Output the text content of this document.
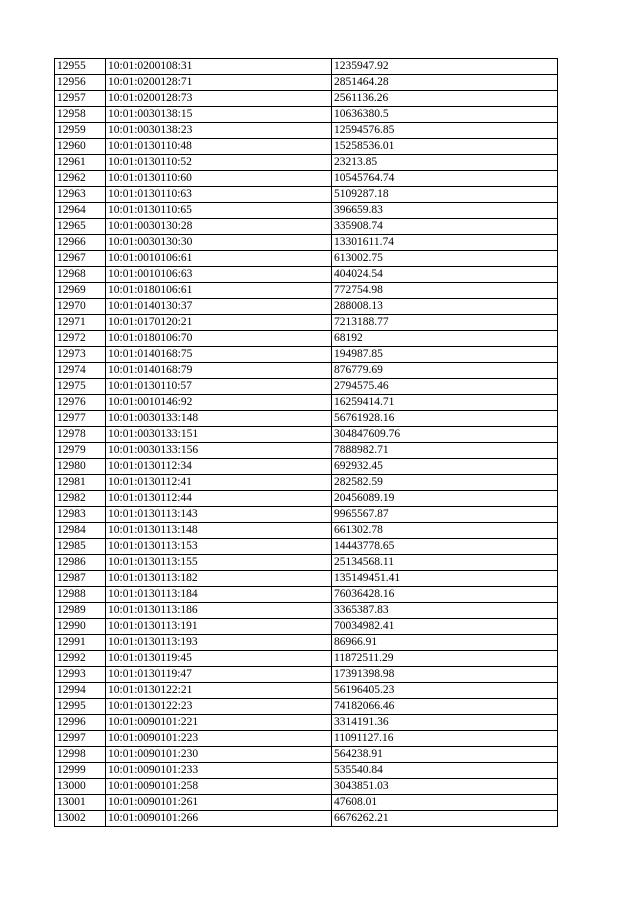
12955	10:01:0200108:31	1235947.92
12956	10:01:0200128:71	2851464.28
12957	10:01:0200128:73	2561136.26
12958	10:01:0030138:15	10636380.5
12959	10:01:0030138:23	12594576.85
12960	10:01:0130110:48	15258536.01
12961	10:01:0130110:52	23213.85
12962	10:01:0130110:60	10545764.74
12963	10:01:0130110:63	5109287.18
12964	10:01:0130110:65	396659.83
12965	10:01:0030130:28	335908.74
12966	10:01:0030130:30	13301611.74
12967	10:01:0010106:61	613002.75
12968	10:01:0010106:63	404024.54
12969	10:01:0180106:61	772754.98
12970	10:01:0140130:37	288008.13
12971	10:01:0170120:21	7213188.77
12972	10:01:0180106:70	68192
12973	10:01:0140168:75	194987.85
12974	10:01:0140168:79	876779.69
12975	10:01:0130110:57	2794575.46
12976	10:01:0010146:92	16259414.71
12977	10:01:0030133:148	56761928.16
12978	10:01:0030133:151	304847609.76
12979	10:01:0030133:156	7888982.71
12980	10:01:0130112:34	692932.45
12981	10:01:0130112:41	282582.59
12982	10:01:0130112:44	20456089.19
12983	10:01:0130113:143	9965567.87
12984	10:01:0130113:148	661302.78
12985	10:01:0130113:153	14443778.65
12986	10:01:0130113:155	25134568.11
12987	10:01:0130113:182	135149451.41
12988	10:01:0130113:184	76036428.16
12989	10:01:0130113:186	3365387.83
12990	10:01:0130113:191	70034982.41
12991	10:01:0130113:193	86966.91
12992	10:01:0130119:45	11872511.29
12993	10:01:0130119:47	17391398.98
12994	10:01:0130122:21	56196405.23
12995	10:01:0130122:23	74182066.46
12996	10:01:0090101:221	3314191.36
12997	10:01:0090101:223	11091127.16
12998	10:01:0090101:230	564238.91
12999	10:01:0090101:233	535540.84
13000	10:01:0090101:258	3043851.03
13001	10:01:0090101:261	47608.01
13002	10:01:0090101:266	6676262.21
